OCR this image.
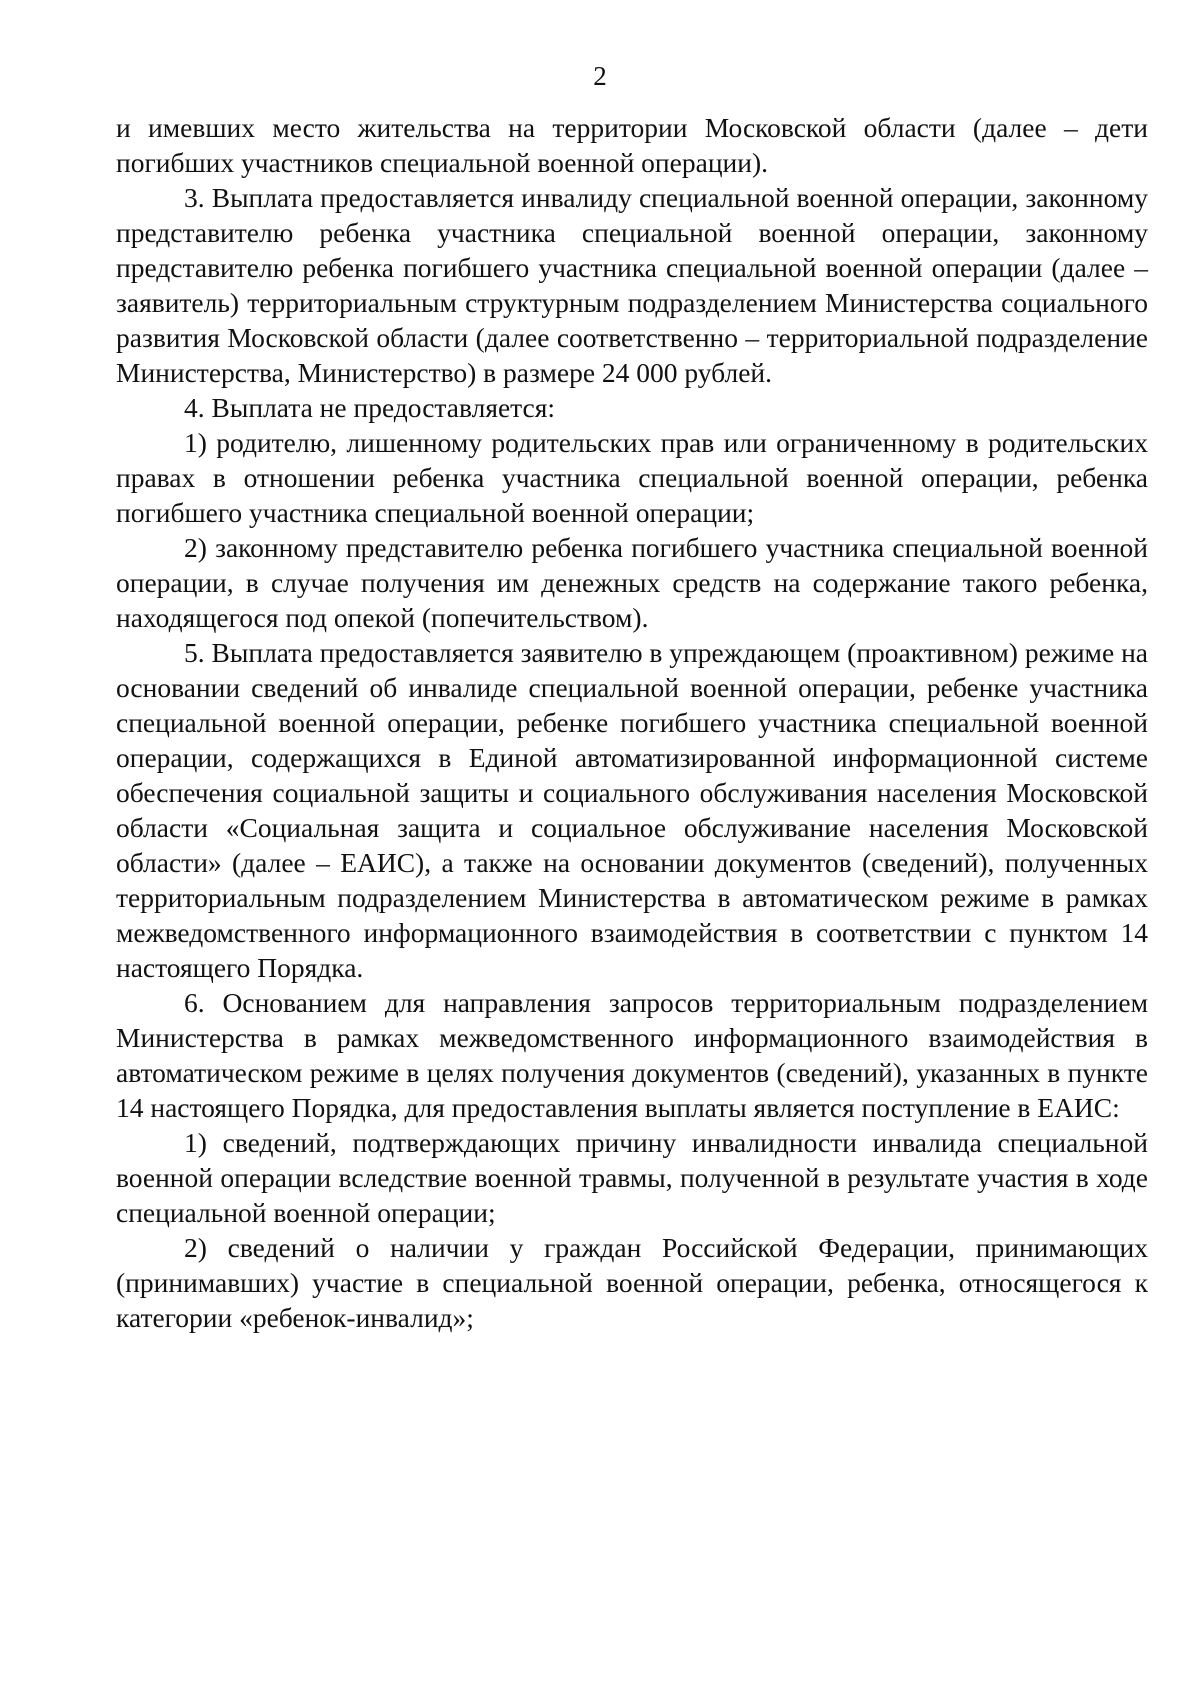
2

и имевших место жительства на территории Московской области (далее – дети погибших участников специальной военной операции).

3. Выплата предоставляется инвалиду специальной военной операции, законному представителю ребенка участника специальной военной операции, законному представителю ребенка погибшего участника специальной военной операции (далее – заявитель) территориальным структурным подразделением Министерства социального развития Московской области (далее соответственно – территориальной подразделение Министерства, Министерство) в размере 24 000 рублей.

4. Выплата не предоставляется:

1) родителю, лишенному родительских прав или ограниченному в родительских правах в отношении ребенка участника специальной военной операции, ребенка погибшего участника специальной военной операции;

2) законному представителю ребенка погибшего участника специальной военной операции, в случае получения им денежных средств на содержание такого ребенка, находящегося под опекой (попечительством).

5. Выплата предоставляется заявителю в упреждающем (проактивном) режиме на основании сведений об инвалиде специальной военной операции, ребенке участника специальной военной операции, ребенке погибшего участника специальной военной операции, содержащихся в Единой автоматизированной информационной системе обеспечения социальной защиты и социального обслуживания населения Московской области «Социальная защита и социальное обслуживание населения Московской области» (далее – ЕАИС), а также на основании документов (сведений), полученных территориальным подразделением Министерства в автоматическом режиме в рамках межведомственного информационного взаимодействия в соответствии с пунктом 14 настоящего Порядка.

6. Основанием для направления запросов территориальным подразделением Министерства в рамках межведомственного информационного взаимодействия в автоматическом режиме в целях получения документов (сведений), указанных в пункте 14 настоящего Порядка, для предоставления выплаты является поступление в ЕАИС:

1) сведений, подтверждающих причину инвалидности инвалида специальной военной операции вследствие военной травмы, полученной в результате участия в ходе специальной военной операции;

2) сведений о наличии у граждан Российской Федерации, принимающих (принимавших) участие в специальной военной операции, ребенка, относящегося к категории «ребенок-инвалид»;
